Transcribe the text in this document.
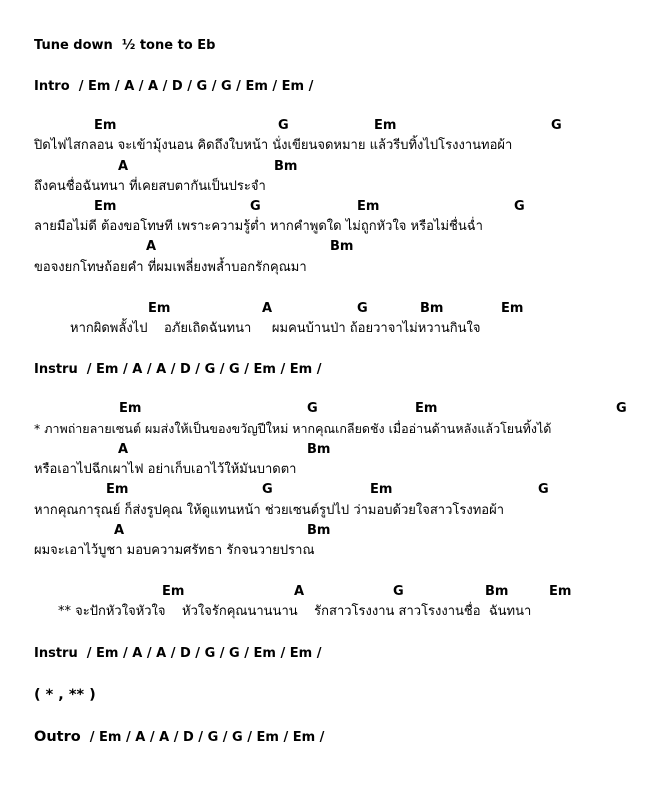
Tune down  ½ tone to Eb
Intro  / Em / A / A / D / G / G / Em / Em /
Em	G	Em	G
ปิดไฟไสกลอน จะเข้ามุ้งนอน คิดถึงใบหน้า นั่งเขียนจดหมาย แล้วรีบทิ้งไปโรงงานทอผ้า
A	Bm
ถึงคนชื่อฉันทนา ที่เคยสบตากันเป็นประจำ
Em	G	Em	G
ลายมือไม่ดี ต้องขอโทษที เพราะความรู้ต่ำ หากคำพูดใด ไม่ถูกหัวใจ หรือไม่ชื่นฉ่ำ
A	Bm
ขอจงยกโทษถ้อยคำ ที่ผมเพลี่ยงพล้ำบอกรักคุณมา
Em	A	G	Bm	Em
หากผิดพลั้งไป    อภัยเถิดฉันทนา     ผมคนบ้านป่า ถ้อยวาจาไม่หวานกินใจ
Instru  / Em / A / A / D / G / G / Em / Em /
Em	G	Em	G
* ภาพถ่ายลายเซนต์ ผมส่งให้เป็นของขวัญปีใหม่ หากคุณเกลียดชัง เมื่ออ่านด้านหลังแล้วโยนทิ้งได้
A	Bm
หรือเอาไปฉีกเผาไฟ อย่าเก็บเอาไว้ให้มันบาดตา
Em	G	Em	G
หากคุณการุณย์ ก็ส่งรูปคุณ ให้ดูแทนหน้า ช่วยเซนต์รูปไป ว่ามอบด้วยใจสาวโรงทอผ้า
A	Bm
ผมจะเอาไว้บูชา มอบความศรัทธา รักจนวายปราณ
Em	A	G	Bm	Em
** จะปักหัวใจหัวใจ    หัวใจรักคุณนานนาน    รักสาวโรงงาน สาวโรงงานชื่อ  ฉันทนา
Instru  / Em / A / A / D / G / G / Em / Em /
( * , ** )
Outro  / Em / A / A / D / G / G / Em / Em /
